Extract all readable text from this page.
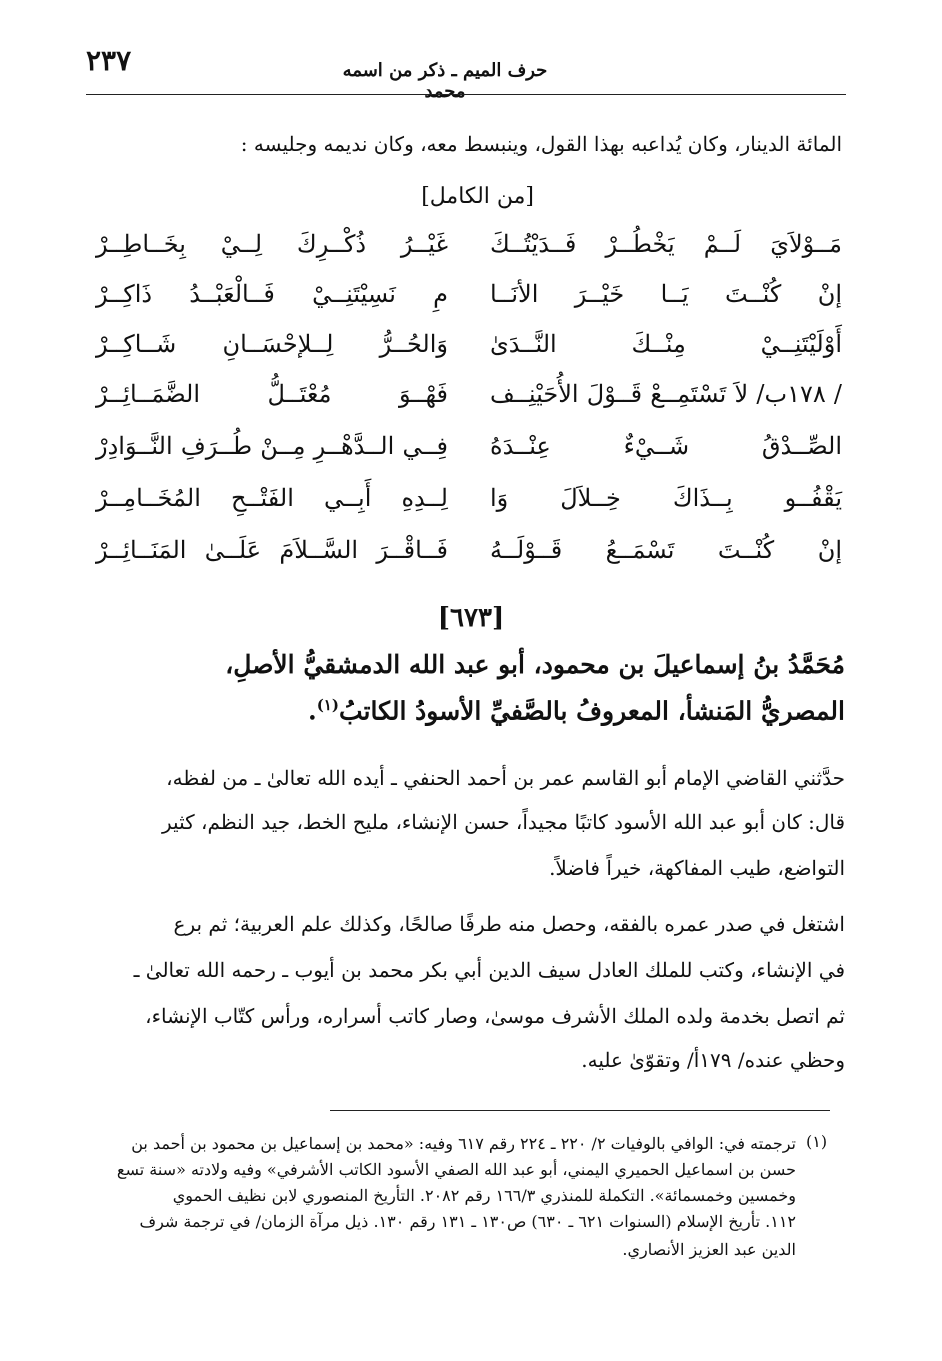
٢٣٧	حرف الميم ـ ذكر من اسمه محمد
المائة الدينار، وكان يُداعبه بهذا القول، وينبسط معه، وكان نديمه وجليسه :
[من الكامل]
مَــوْلاَيَ لَــمْ يَخْطُــرْ فَــدَيْتُــكَ
غَيْــرُ ذُكْــرِكَ لِــيْ بِخَــاطِــرْ
إنْ كُنْــتَ يَــا خَيْــرَ الأنَــا
مِ نَسِيْتَنِــيْ فَــالْعَبْــدُ ذَاكِــرْ
أَوْلَيْتَنِــيْ مِنْــكَ النَّــدَىٰ
وَالحُــرُّ لِــلإحْسَــانِ شَــاكِــرْ
/ ١٧٨ب/ لاَ تَسْتَمِــعْ قَــوْلَ الأُحَيْنِــف
فَهْــوَ مُعْتَــلُّ الضَّمَــائِــرْ
الصِّــدْقُ شَــيْءٌ عِنْــدَهُ
فِــي الــدَّهْــرِ مِــنْ طُــرَفِ النَّــوَادِرْ
يَقْفُــو بِــذَاكَ خِــلاَلَ وَا
لِــدِهِ أَبِــي الفَتْــحِ المُخَــامِــرْ
إنْ كُنْــتَ تَسْمَــعُ قَــوْلَــهُ
فَــاقْــرَ السَّــلاَمَ عَلَــىٰ المَنَــائِــرْ
[٦٧٣]
مُحَمَّدُ بنُ إسماعيلَ بن محمود، أبو عبد الله الدمشقيُّ الأصلِ،
المصريُّ المَنشأ، المعروفُ بالصَّفيِّ الأسودُ الكاتبُ$^{(١)}$.
حدَّثني القاضي الإمام أبو القاسم عمر بن أحمد الحنفي ـ أيده الله تعالىٰ ـ من لفظه،
قال: كان أبو عبد الله الأسود كاتبًا مجيداً، حسن الإنشاء، مليح الخط، جيد النظم، كثير
التواضع، طيب المفاكهة، خيراً فاضلاً.
اشتغل في صدر عمره بالفقه، وحصل منه طرفًا صالحًا، وكذلك علم العربية؛ ثم برع
في الإنشاء، وكتب للملك العادل سيف الدين أبي بكر محمد بن أيوب ـ رحمه الله تعالىٰ ـ
ثم اتصل بخدمة ولده الملك الأشرف موسىٰ، وصار كاتب أسراره، ورأس كتّاب الإنشاء،
وحظي عنده/ ١٧٩أ/ وتقوّىٰ عليه.
(١)
ترجمته في: الوافي بالوفيات ٢/ ٢٢٠ ـ ٢٢٤ رقم ٦١٧ وفيه: «محمد بن إسماعيل بن محمود بن أحمد بن
حسن بن اسماعيل الحميري اليمني، أبو عبد الله الصفي الأسود الكاتب الأشرفي» وفيه ولادته «سنة تسع
وخمسين وخمسمائة». التكملة للمنذري ١٦٦/٣ رقم ٢٠٨٢. التأريخ المنصوري لابن نظيف الحموي
١١٢. تأريخ الإسلام (السنوات ٦٢١ ـ ٦٣٠) ص١٣٠ ـ ١٣١ رقم ١٣٠. ذيل مرآة الزمان/ في ترجمة شرف
الدين عبد العزيز الأنصاري.
